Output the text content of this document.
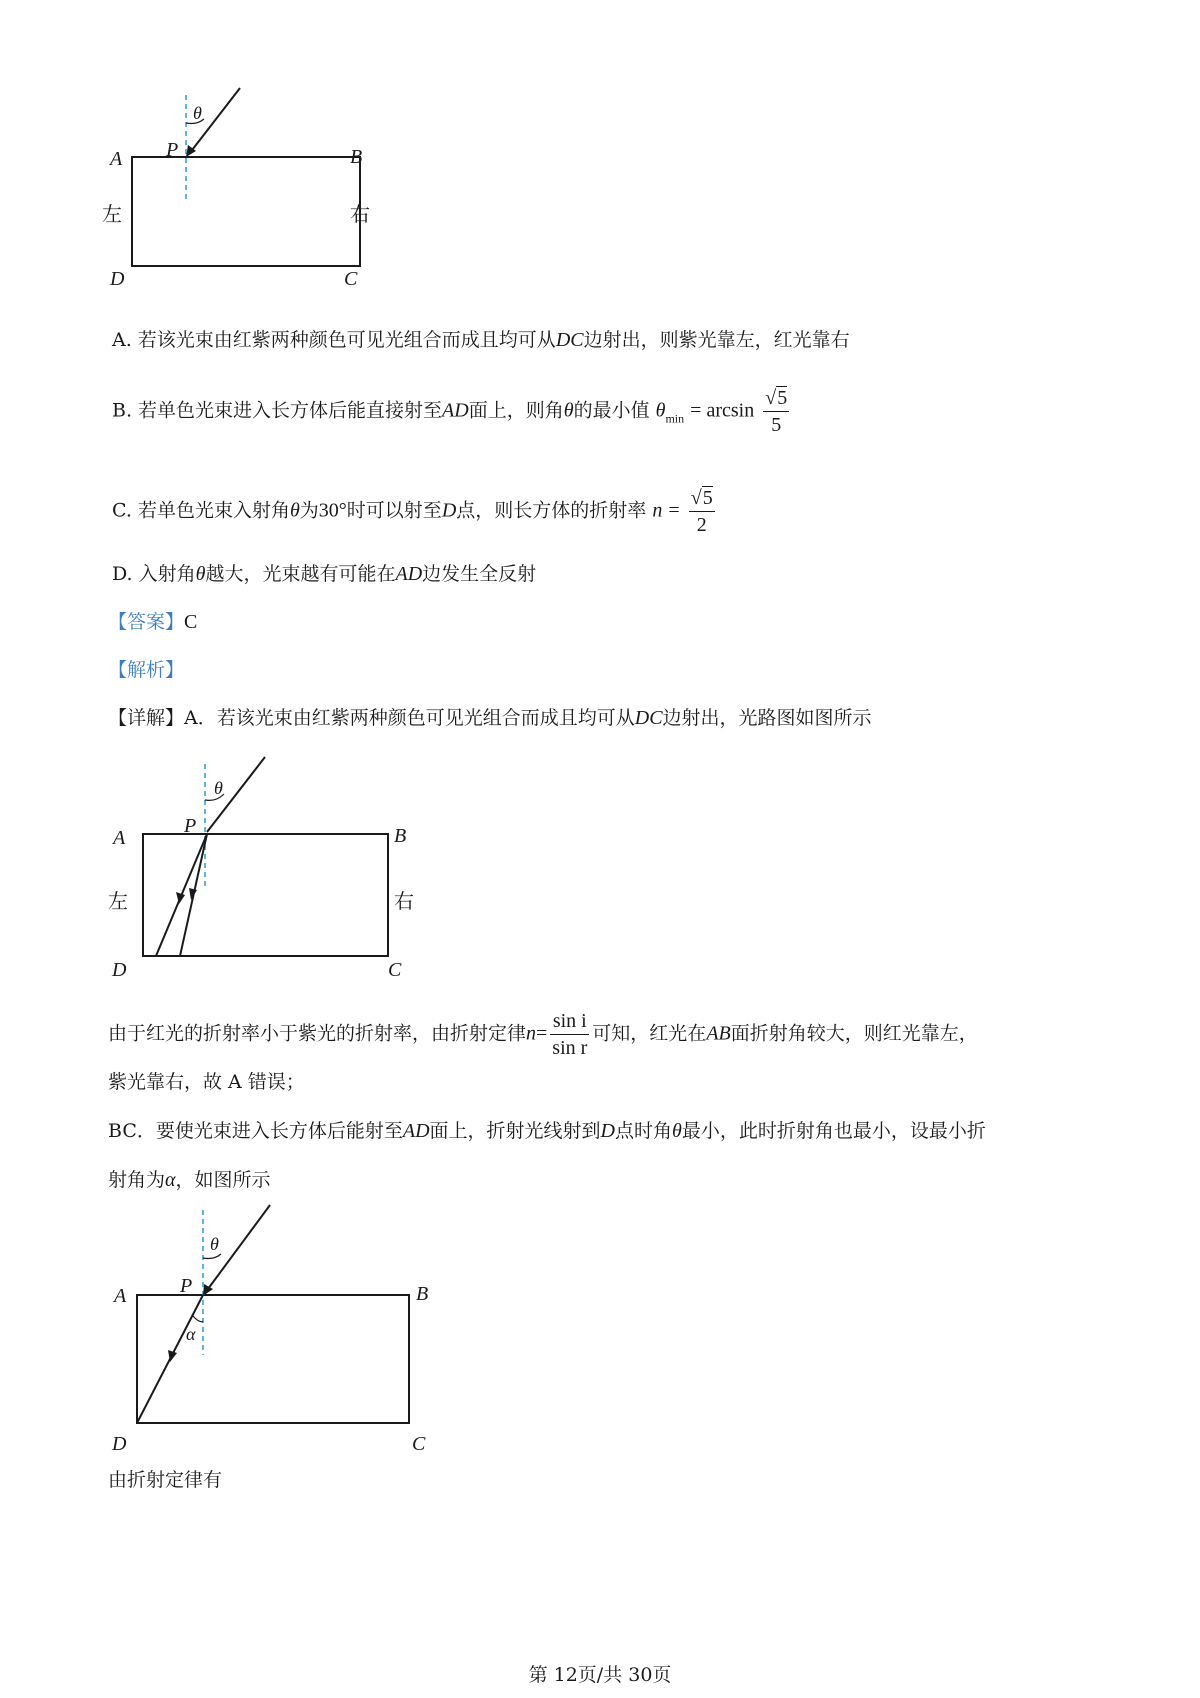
θ
A P	B
D	C
左	右
A. 若该光束由红紫两种颜色可见光组合而成且均可从DC边射出，则紫光靠左，红光靠右
B. 若单色光束进入长方体后能直接射至AD面上，则角θ的最小值 $\theta_{min} = \arcsin \frac{√5}{5}$
C. 若单色光束入射角θ为30°时可以射至D点，则长方体的折射率 $n = \frac{√5}{2}$
D. 入射角θ越大，光束越有可能在AD边发生全反射
【答案】C
【解析】
【详解】A．若该光束由红紫两种颜色可见光组合而成且均可从DC边射出，光路图如图所示
θ
A
P	B
D	C
左	右
由于红光的折射率小于紫光的折射率，由折射定律$n= \frac{\text{sin i}}{\text{sin r}}$ 可知，红光在AB面折射角较大，则红光靠左，
紫光靠右，故 A 错误；
BC．要使光束进入长方体后能射至AD面上，折射光线射到D点时角θ最小，此时折射角也最小，设最小折
射角为α，如图所示
θ
α
A	P	B
D	C
由折射定律有
第 12页/共 30页
